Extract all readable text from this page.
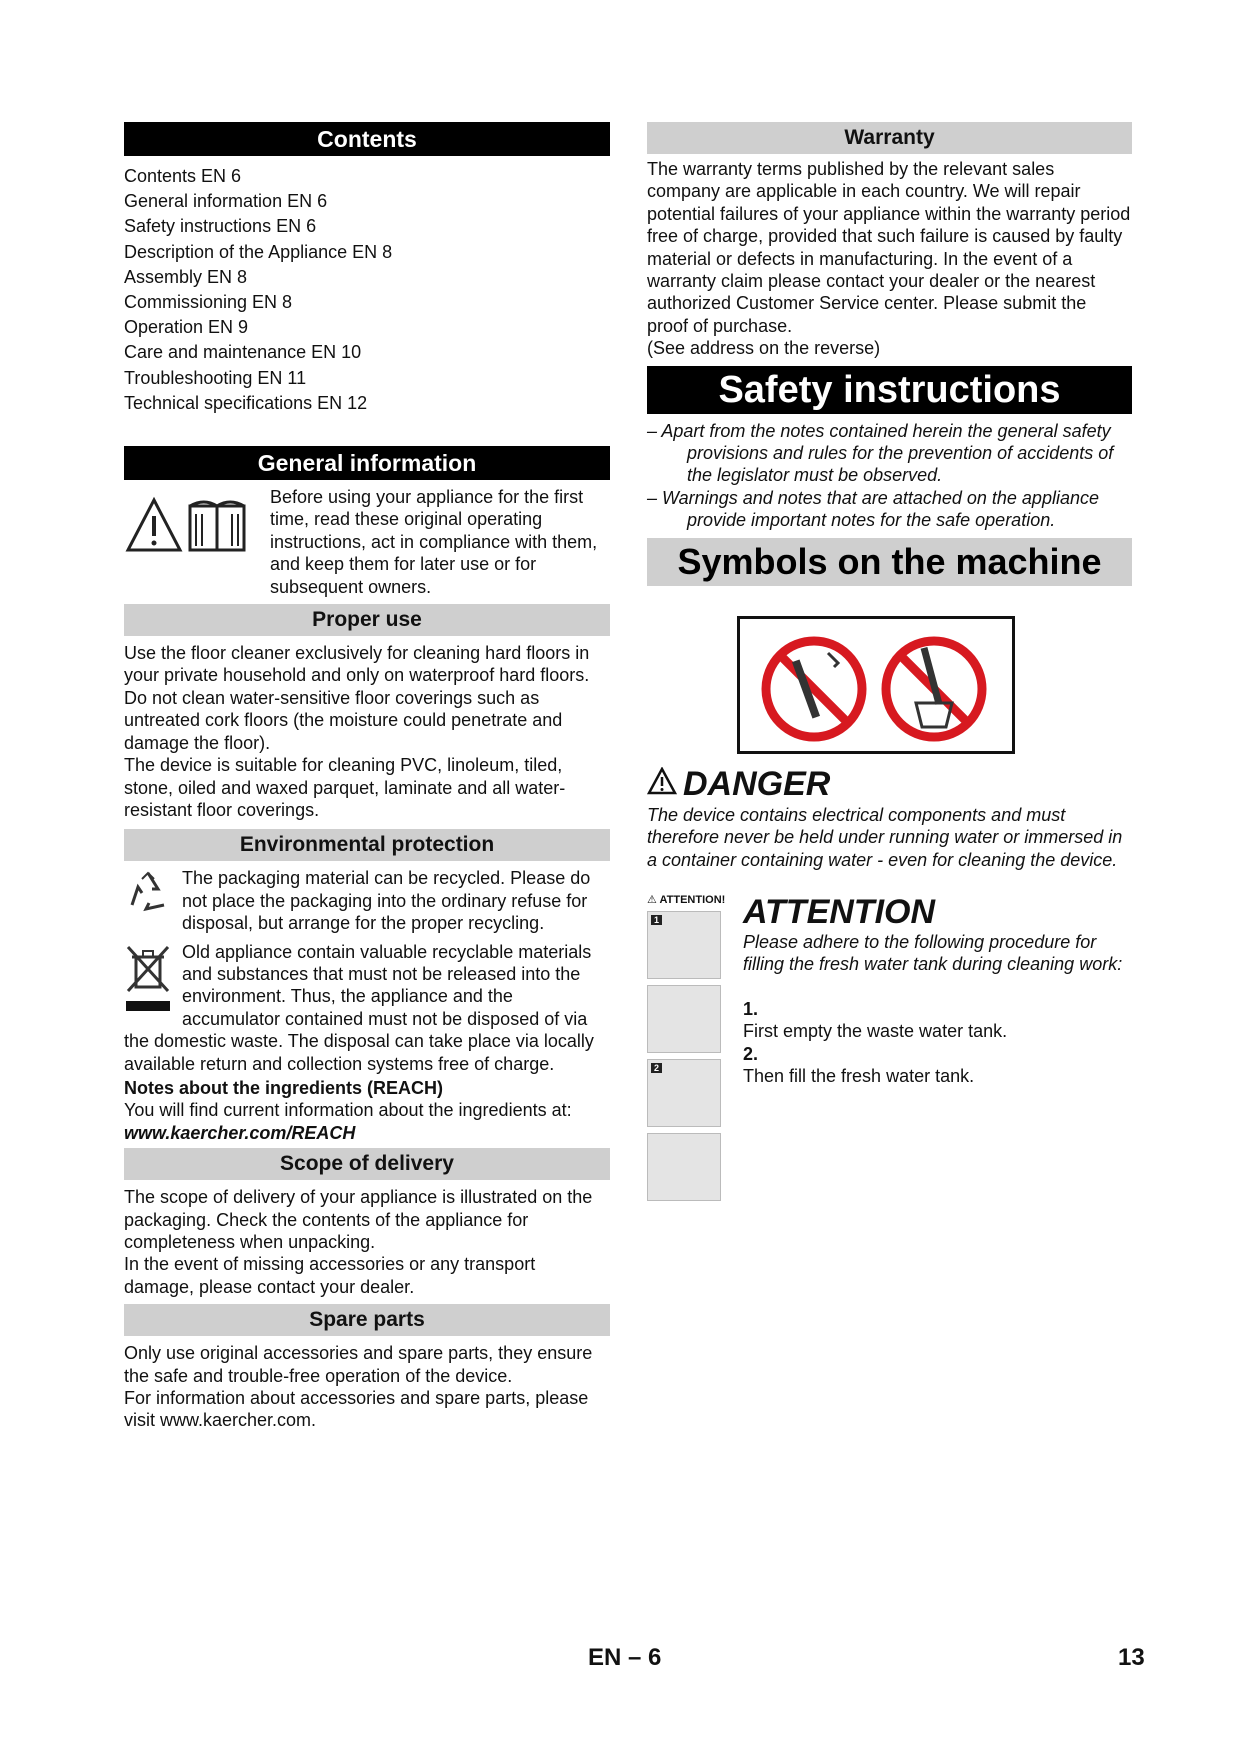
Contents
Contents EN 6
General information EN 6
Safety instructions EN 6
Description of the Appliance EN 8
Assembly EN 8
Commissioning EN 8
Operation EN 9
Care and maintenance EN 10
Troubleshooting EN 11
Technical specifications EN 12
General information

Before using your appliance for the first time, read these original operating instructions, act in compliance with them, and keep them for later use or for subsequent owners.

Proper use

Use the floor cleaner exclusively for cleaning hard floors in your private household and only on waterproof hard floors.

Do not clean water-sensitive floor coverings such as untreated cork floors (the moisture could penetrate and damage the floor).

The device is suitable for cleaning PVC, linoleum, tiled, stone, oiled and waxed parquet, laminate and all water-resistant floor coverings.

Environmental protection

The packaging material can be recycled. Please do not place the packaging into the ordinary refuse for disposal, but arrange for the proper recycling.

Old appliance contain valuable recyclable materials and substances that must not be released into the environment. Thus, the appliance and the accumulator contained must not be disposed of via the domestic waste. The disposal can take place via locally available return and collection systems free of charge.

Notes about the ingredients (REACH)

You will find current information about the ingredients at:

www.kaercher.com/REACH

Scope of delivery

The scope of delivery of your appliance is illustrated on the packaging. Check the contents of the appliance for completeness when unpacking.

In the event of missing accessories or any transport damage, please contact your dealer.

Spare parts

Only use original accessories and spare parts, they ensure the safe and trouble-free operation of the device.

For information about accessories and spare parts, please visit www.kaercher.com.

Warranty

The warranty terms published by the relevant sales company are applicable in each country. We will repair potential failures of your appliance within the warranty period free of charge, provided that such failure is caused by faulty material or defects in manufacturing. In the event of a warranty claim please contact your dealer or the nearest authorized Customer Service center. Please submit the proof of purchase.

(See address on the reverse)

Safety instructions

– Apart from the notes contained herein the general safety provisions and rules for the prevention of accidents of the legislator must be observed.

– Warnings and notes that are attached on the appliance provide important notes for the safe operation.

Symbols on the machine
DANGER

The device contains electrical components and must therefore never be held under running water or immersed in a container containing water - even for cleaning the device.

⚠ ATTENTION!
1
2
ATTENTION

Please adhere to the following procedure for filling the fresh water tank during cleaning work:

1.

First empty the waste water tank.

2.

Then fill the fresh water tank.

EN – 6	13
